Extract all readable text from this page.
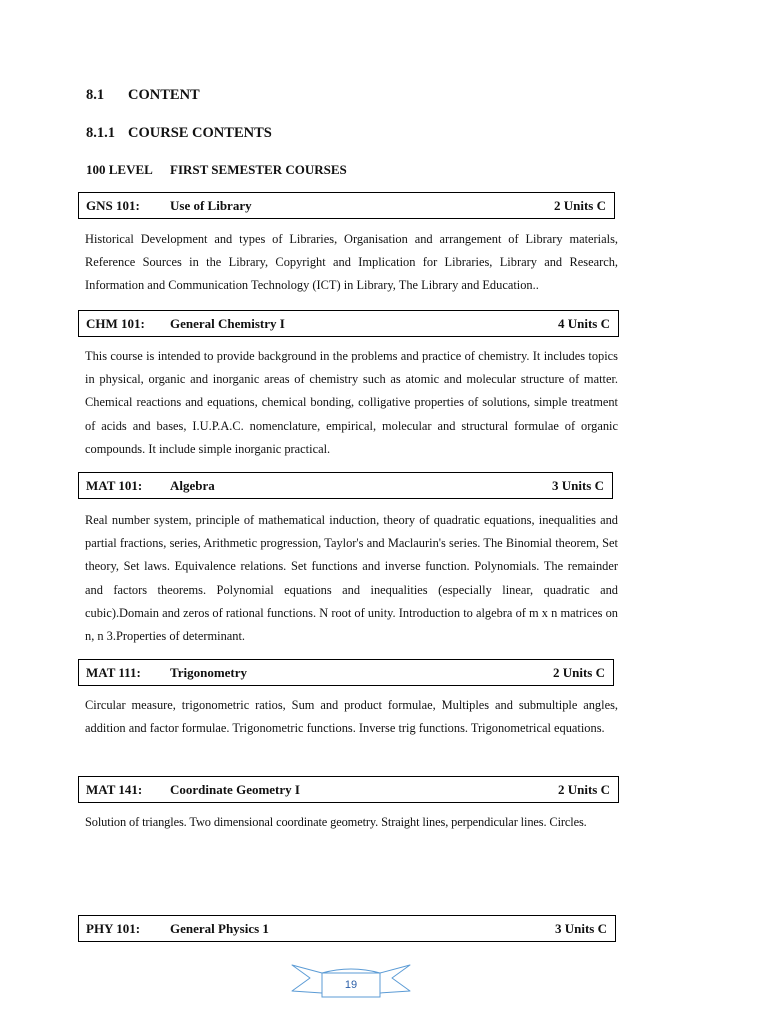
8.1 CONTENT
8.1.1 COURSE CONTENTS
100 LEVEL FIRST SEMESTER COURSES
GNS 101: Use of Library	2 Units C

Historical Development and types of Libraries, Organisation and arrangement of Library materials, Reference Sources in the Library, Copyright and Implication for Libraries, Library and Research, Information and Communication Technology (ICT) in Library, The Library and Education..

CHM 101: General Chemistry I	4 Units C

This course is intended to provide background in the problems and practice of chemistry. It includes topics in physical, organic and inorganic areas of chemistry such as atomic and molecular structure of matter. Chemical reactions and equations, chemical bonding, colligative properties of solutions, simple treatment of acids and bases, I.U.P.A.C. nomenclature, empirical, molecular and structural formulae of organic compounds. It include simple inorganic practical.

MAT 101: Algebra	3 Units C

Real number system, principle of mathematical induction, theory of quadratic equations, inequalities and partial fractions, series, Arithmetic progression, Taylor's and Maclaurin's series. The Binomial theorem, Set theory, Set laws. Equivalence relations. Set functions and inverse function. Polynomials. The remainder and factors theorems. Polynomial equations and inequalities (especially linear, quadratic and cubic).Domain and zeros of rational functions. N root of unity. Introduction to algebra of m x n matrices on n, n 3.Properties of determinant.

MAT 111: Trigonometry	2 Units C

Circular measure, trigonometric ratios, Sum and product formulae, Multiples and submultiple angles, addition and factor formulae. Trigonometric functions. Inverse trig functions. Trigonometrical equations.

MAT 141: Coordinate Geometry I	2 Units C

Solution of triangles. Two dimensional coordinate geometry. Straight lines, perpendicular lines. Circles.

PHY 101: General Physics 1	3 Units C
19
